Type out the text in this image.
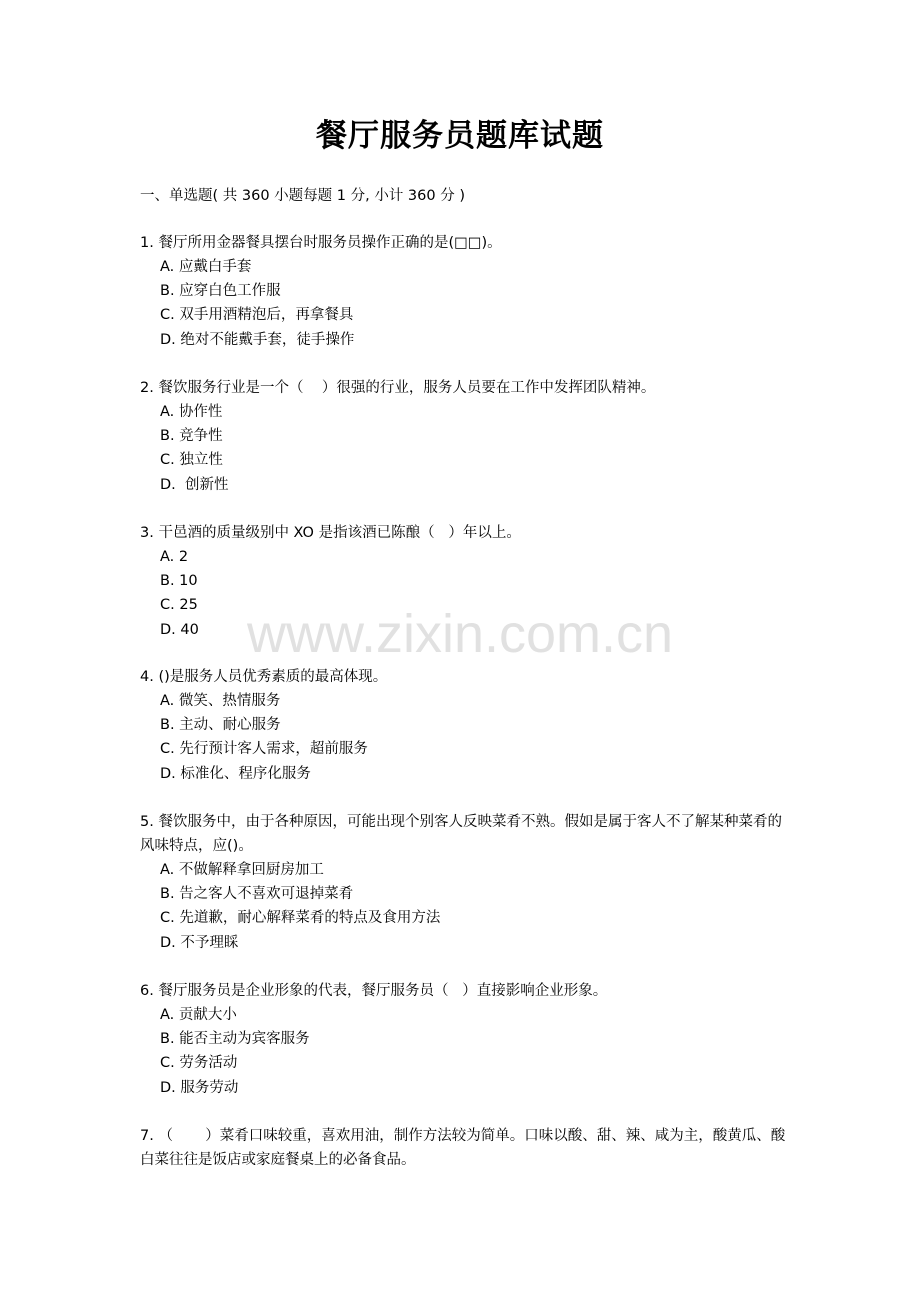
餐厅服务员题库试题
一、单选题( 共 360 小题每题 1 分, 小计 360 分 )
www.zixin.com.cn
1. 餐厅所用金器餐具摆台时服务员操作正确的是(□□)。
A. 应戴白手套
B. 应穿白色工作服
C. 双手用酒精泡后，再拿餐具
D. 绝对不能戴手套，徒手操作
2. 餐饮服务行业是一个（    ）很强的行业，服务人员要在工作中发挥团队精神。
A. 协作性
B. 竞争性
C. 独立性
D.  创新性
3. 干邑酒的质量级别中 XO 是指该酒已陈酿（   ）年以上。
A. 2
B. 10
C. 25
D. 40
4. ()是服务人员优秀素质的最高体现。
A. 微笑、热情服务
B. 主动、耐心服务
C. 先行预计客人需求，超前服务
D. 标准化、程序化服务
5. 餐饮服务中，由于各种原因，可能出现个别客人反映菜肴不熟。假如是属于客人不了解某种菜肴的风味特点，应()。
A. 不做解释拿回厨房加工
B. 告之客人不喜欢可退掉菜肴
C. 先道歉，耐心解释菜肴的特点及食用方法
D. 不予理睬
6. 餐厅服务员是企业形象的代表，餐厅服务员（   ）直接影响企业形象。
A. 贡献大小
B. 能否主动为宾客服务
C. 劳务活动
D. 服务劳动
7. （       ）菜肴口味较重，喜欢用油，制作方法较为简单。口味以酸、甜、辣、咸为主，酸黄瓜、酸白菜往往是饭店或家庭餐桌上的必备食品。
